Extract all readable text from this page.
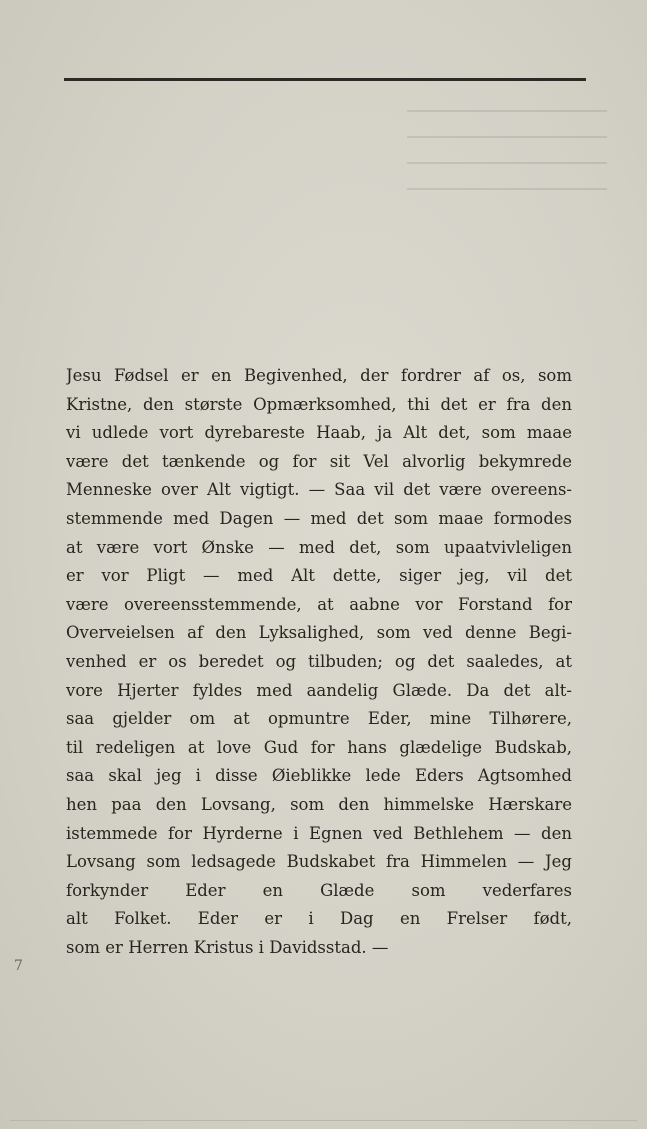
Jesu Fødsel er en Begivenhed, der fordrer af os, som
Kristne, den største Opmærksomhed, thi det er fra den
vi udlede vort dyrebareste Haab, ja Alt det, som maae
være det tænkende og for sit Vel alvorlig bekymrede
Menneske over Alt vigtigt. — Saa vil det være overeens-
stemmende med Dagen — med det som maae formodes
at være vort Ønske — med det, som upaatvivleligen
er vor Pligt — med Alt dette, siger jeg, vil det
være overeensstemmende, at aabne vor Forstand for
Overveielsen af den Lyksalighed, som ved denne Begi-
venhed er os beredet og tilbuden; og det saaledes, at
vore Hjerter fyldes med aandelig Glæde. Da det alt-
saa gjelder om at opmuntre Eder, mine Tilhørere,
til redeligen at love Gud for hans glædelige Budskab,
saa skal jeg i disse Øieblikke lede Eders Agtsomhed
hen paa den Lovsang, som den himmelske Hærskare
istemmede for Hyrderne i Egnen ved Bethlehem — den
Lovsang som ledsagede Budskabet fra Himmelen — Jeg
forkynder Eder en Glæde som vederfares
alt Folket. Eder er i Dag en Frelser født,
som er Herren Kristus i Davidsstad. —
7
